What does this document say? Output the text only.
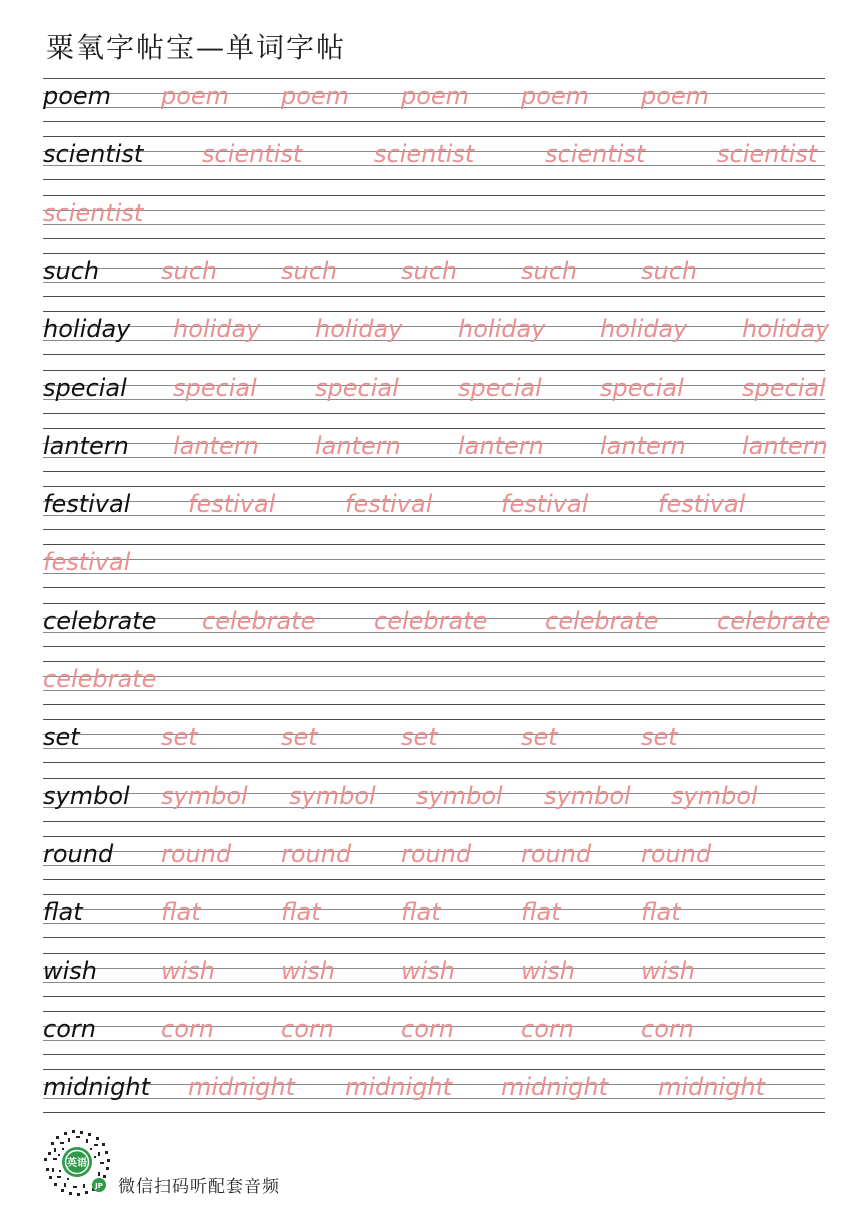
粟氧字帖宝—单词字帖
poem poem poem poem poem poem
scientist scientist	scientist	scientist	scientist
scientist
such	such	such	such	such	such
holiday holiday holiday holiday holiday holiday
special special special special special special
lantern lantern lantern lantern lantern lantern
festival festival	festival	festival	festival
festival
celebrate celebrate celebrate celebrate celebrate
celebrate
set	set	set	set	set	set
symbol symbol symbol symbol symbol symbol
round round round round round round
flat	flat	flat	flat	flat	flat
wish	wish	wish	wish	wish	wish
corn	corn	corn	corn	corn	corn
midnight midnight midnight midnight midnight
英语
JP 微信扫码听配套音频
